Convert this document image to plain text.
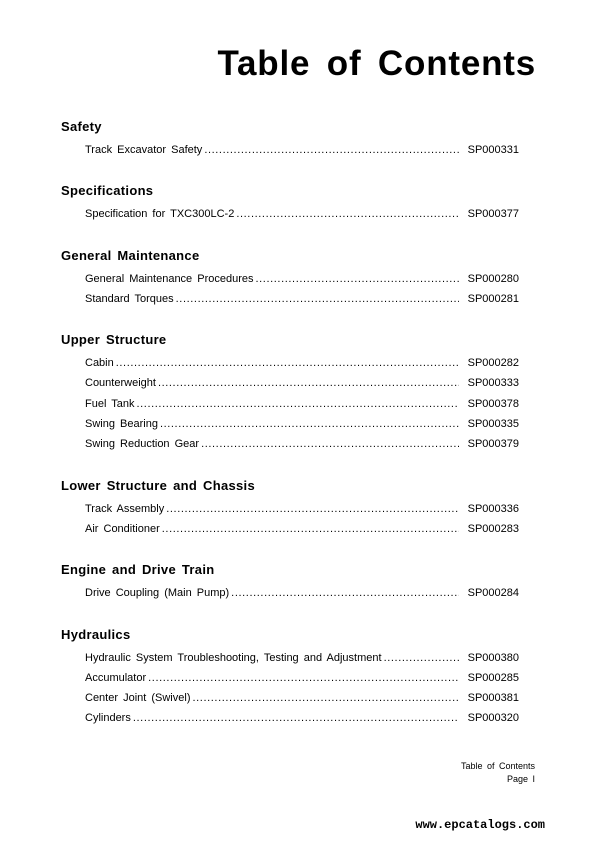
Table of Contents
Safety
Track Excavator Safety .....	SP000331
Specifications
Specification for TXC300LC-2 .....	SP000377
General Maintenance
General Maintenance Procedures .....	SP000280
Standard Torques .....	SP000281
Upper Structure
Cabin .....	SP000282
Counterweight .....	SP000333
Fuel Tank .....	SP000378
Swing Bearing .....	SP000335
Swing Reduction Gear .....	SP000379
Lower Structure and Chassis
Track Assembly .....	SP000336
Air Conditioner .....	SP000283
Engine and Drive Train
Drive Coupling (Main Pump) .....	SP000284
Hydraulics
Hydraulic System Troubleshooting, Testing and Adjustment .....	SP000380
Accumulator .....	SP000285
Center Joint (Swivel) .....	SP000381
Cylinders .....	SP000320
Table of Contents
Page I
www.epcatalogs.com
